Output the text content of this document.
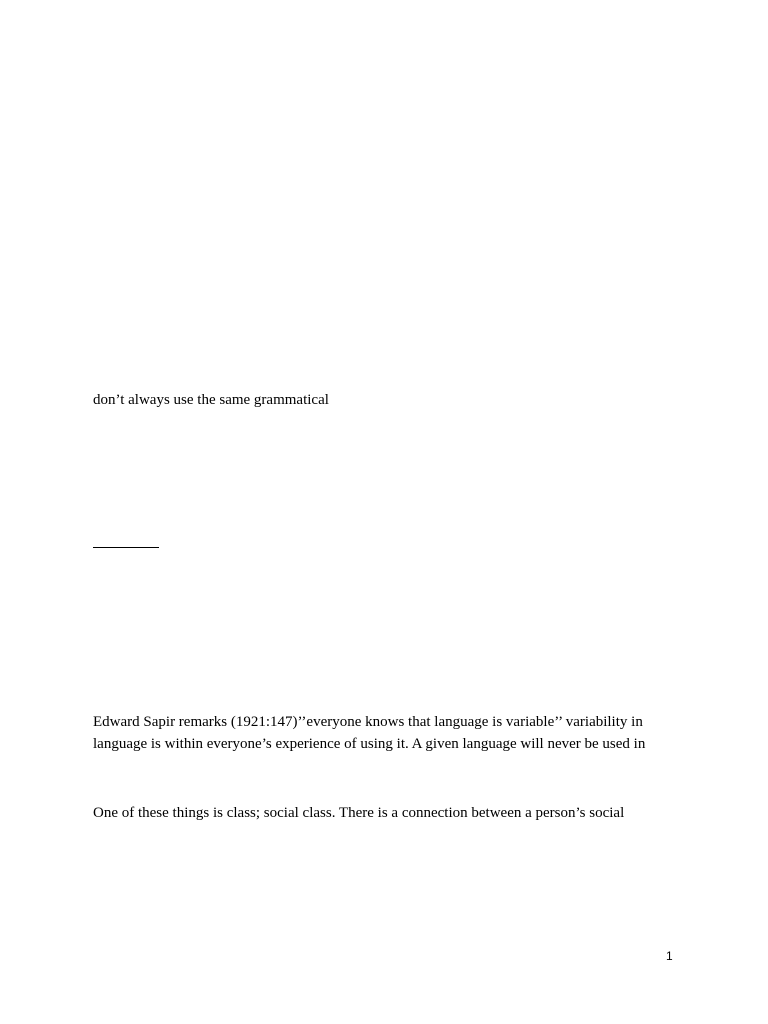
don’t always use the same grammatical
Edward Sapir remarks (1921:147)’’everyone knows that language is variable’’ variability in
language is within everyone’s experience of using it. A given language will never be used in
One of these things is class; social class. There is a connection between a person’s social
1
